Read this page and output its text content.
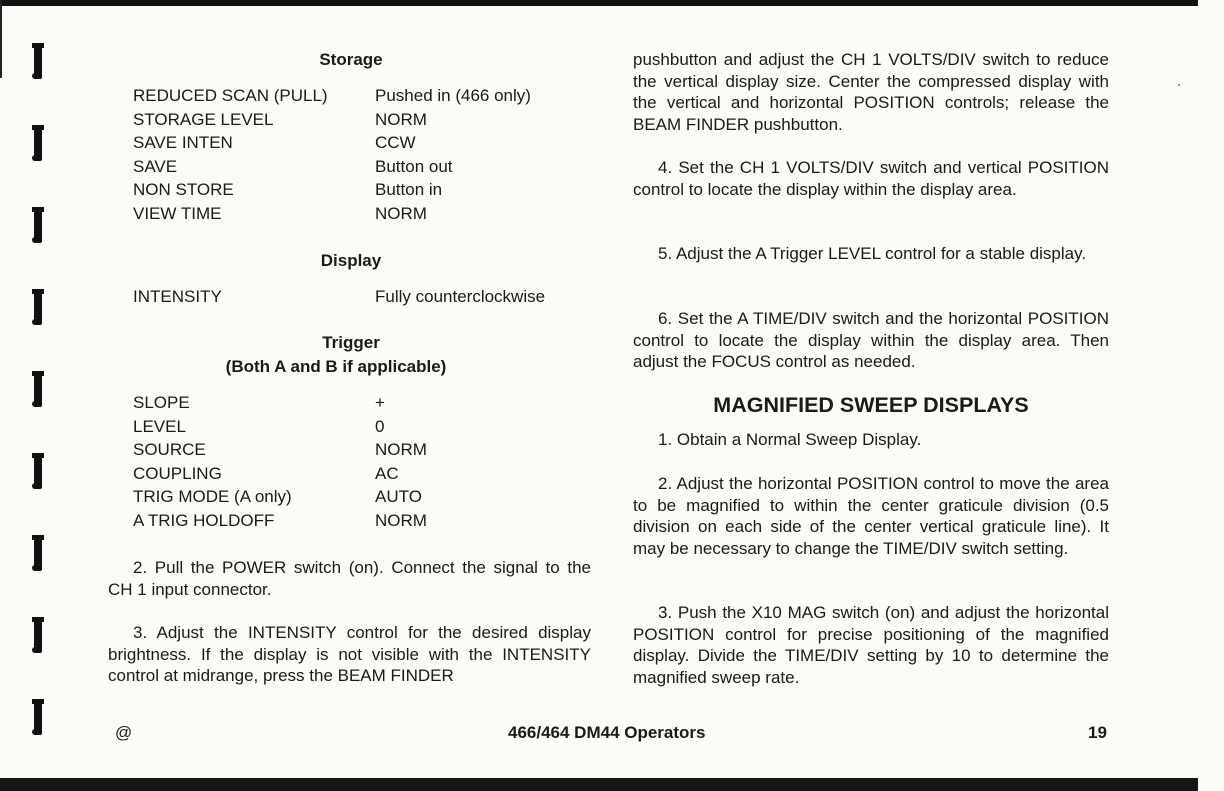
Storage
REDUCED SCAN (PULL)	Pushed in (466 only)
STORAGE LEVEL	NORM
SAVE INTEN	CCW
SAVE	Button out
NON STORE	Button in
VIEW TIME	NORM
Display
INTENSITY	Fully counterclockwise
Trigger
(Both A and B if applicable)
SLOPE	+
LEVEL	0
SOURCE	NORM
COUPLING	AC
TRIG MODE (A only)	AUTO
A TRIG HOLDOFF	NORM
2. Pull the POWER switch (on). Connect the signal to the CH 1 input connector.
3. Adjust the INTENSITY control for the desired display brightness. If the display is not visible with the INTENSITY control at midrange, press the BEAM FINDER
pushbutton and adjust the CH 1 VOLTS/DIV switch to reduce the vertical display size. Center the compressed display with the vertical and horizontal POSITION controls; release the BEAM FINDER pushbutton.
4. Set the CH 1 VOLTS/DIV switch and vertical POSITION control to locate the display within the display area.
5. Adjust the A Trigger LEVEL control for a stable display.
6. Set the A TIME/DIV switch and the horizontal POSITION control to locate the display within the display area. Then adjust the FOCUS control as needed.
MAGNIFIED SWEEP DISPLAYS
1. Obtain a Normal Sweep Display.
2. Adjust the horizontal POSITION control to move the area to be magnified to within the center graticule division (0.5 division on each side of the center vertical graticule line). It may be necessary to change the TIME/DIV switch setting.
3. Push the X10 MAG switch (on) and adjust the horizontal POSITION control for precise positioning of the magnified display. Divide the TIME/DIV setting by 10 to determine the magnified sweep rate.
@	466/464 DM44 Operators	19
